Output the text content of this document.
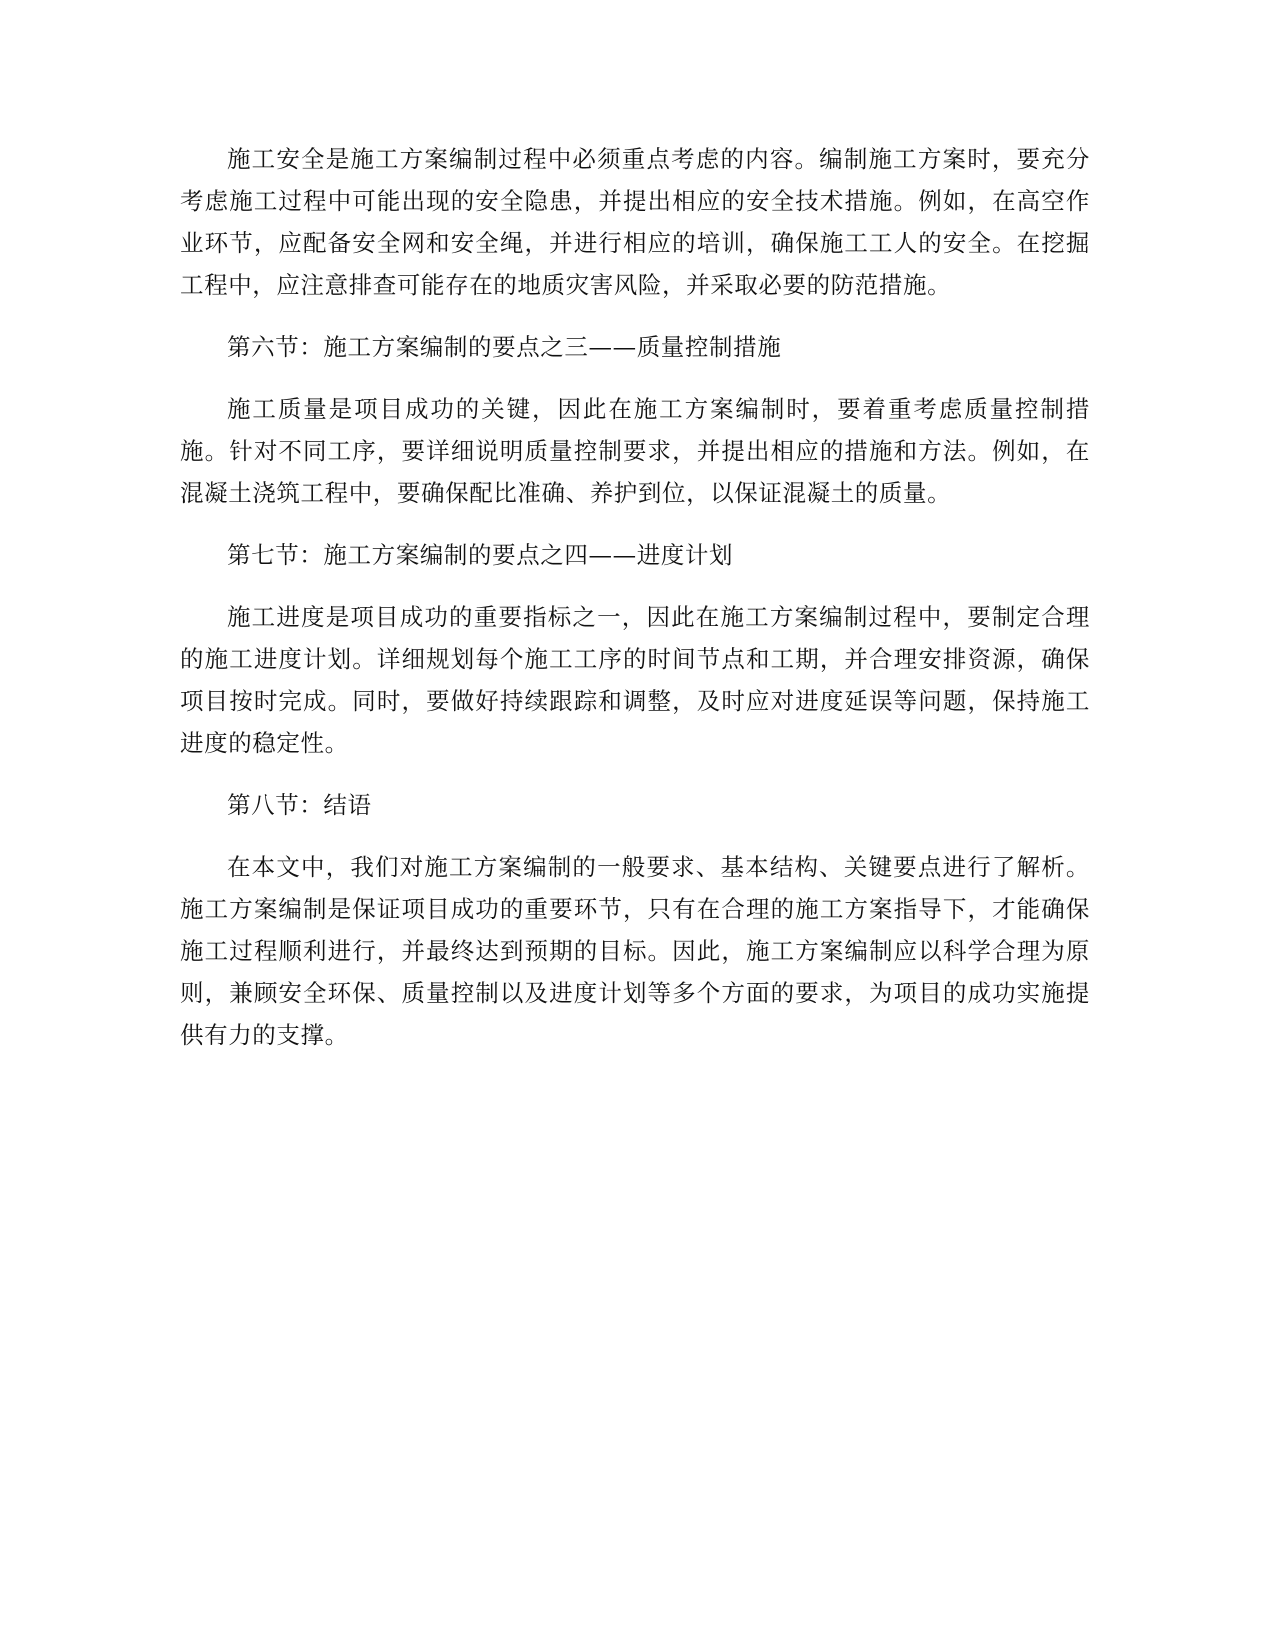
施工安全是施工方案编制过程中必须重点考虑的内容。编制施工方案时，要充分考虑施工过程中可能出现的安全隐患，并提出相应的安全技术措施。例如，在高空作业环节，应配备安全网和安全绳，并进行相应的培训，确保施工工人的安全。在挖掘工程中，应注意排查可能存在的地质灾害风险，并采取必要的防范措施。

第六节：施工方案编制的要点之三——质量控制措施

施工质量是项目成功的关键，因此在施工方案编制时，要着重考虑质量控制措施。针对不同工序，要详细说明质量控制要求，并提出相应的措施和方法。例如，在混凝土浇筑工程中，要确保配比准确、养护到位，以保证混凝土的质量。

第七节：施工方案编制的要点之四——进度计划

施工进度是项目成功的重要指标之一，因此在施工方案编制过程中，要制定合理的施工进度计划。详细规划每个施工工序的时间节点和工期，并合理安排资源，确保项目按时完成。同时，要做好持续跟踪和调整，及时应对进度延误等问题，保持施工进度的稳定性。

第八节：结语

在本文中，我们对施工方案编制的一般要求、基本结构、关键要点进行了解析。施工方案编制是保证项目成功的重要环节，只有在合理的施工方案指导下，才能确保施工过程顺利进行，并最终达到预期的目标。因此，施工方案编制应以科学合理为原则，兼顾安全环保、质量控制以及进度计划等多个方面的要求，为项目的成功实施提供有力的支撑。
